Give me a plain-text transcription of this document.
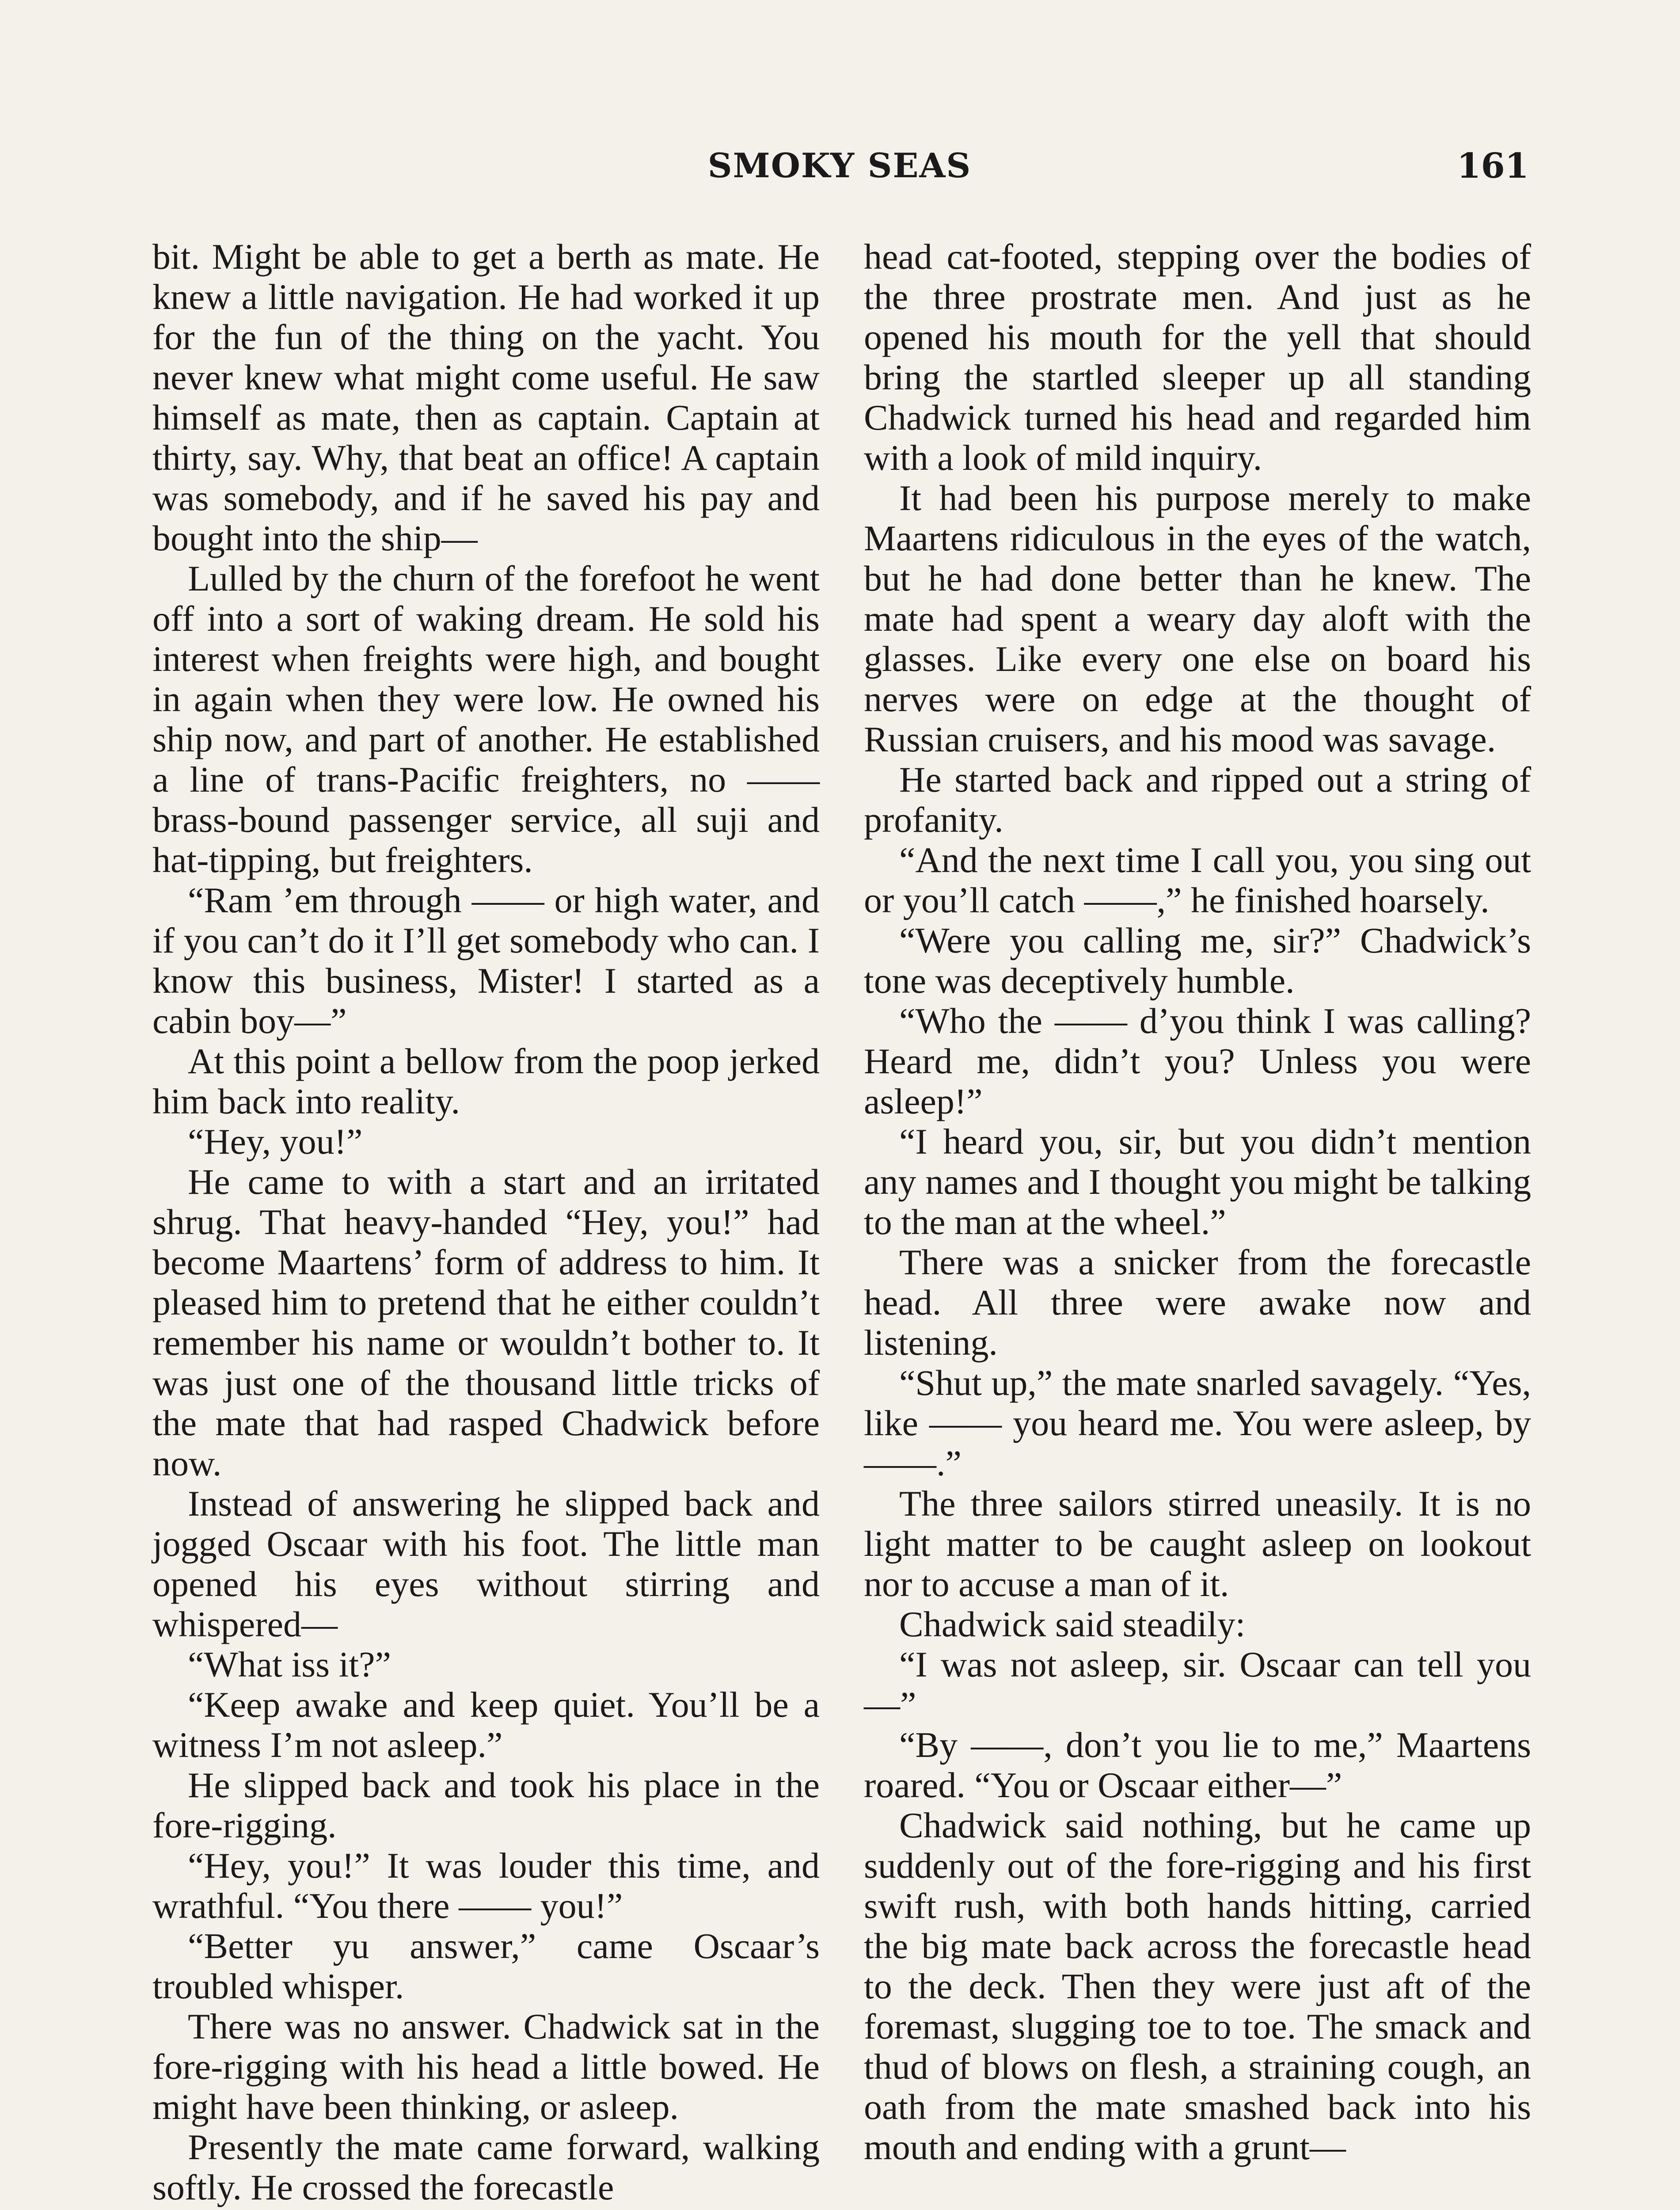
SMOKY SEAS	161

bit. Might be able to get a berth as mate. He knew a little navigation. He had worked it up for the fun of the thing on the yacht. You never knew what might come useful. He saw himself as mate, then as captain. Captain at thirty, say. Why, that beat an office! A captain was somebody, and if he saved his pay and bought into the ship—

Lulled by the churn of the forefoot he went off into a sort of waking dream. He sold his interest when freights were high, and bought in again when they were low. He owned his ship now, and part of another. He established a line of trans-Pacific freighters, no —— brass-bound passenger service, all suji and hat-tipping, but freighters.

“Ram ’em through —— or high water, and if you can’t do it I’ll get somebody who can. I know this business, Mister! I started as a cabin boy—”

At this point a bellow from the poop jerked him back into reality.

“Hey, you!”

He came to with a start and an irritated shrug. That heavy-handed “Hey, you!” had become Maartens’ form of address to him. It pleased him to pretend that he either couldn’t remember his name or wouldn’t bother to. It was just one of the thousand little tricks of the mate that had rasped Chadwick before now.

Instead of answering he slipped back and jogged Oscaar with his foot. The little man opened his eyes without stirring and whispered—

“What iss it?”

“Keep awake and keep quiet. You’ll be a witness I’m not asleep.”

He slipped back and took his place in the fore-rigging.

“Hey, you!” It was louder this time, and wrathful. “You there —— you!”

“Better yu answer,” came Oscaar’s troubled whisper.

There was no answer. Chadwick sat in the fore-rigging with his head a little bowed. He might have been thinking, or asleep.

Presently the mate came forward, walking softly. He crossed the forecastle

head cat-footed, stepping over the bodies of the three prostrate men. And just as he opened his mouth for the yell that should bring the startled sleeper up all standing Chadwick turned his head and regarded him with a look of mild inquiry.

It had been his purpose merely to make Maartens ridiculous in the eyes of the watch, but he had done better than he knew. The mate had spent a weary day aloft with the glasses. Like every one else on board his nerves were on edge at the thought of Russian cruisers, and his mood was savage.

He started back and ripped out a string of profanity.

“And the next time I call you, you sing out or you’ll catch ——,” he finished hoarsely.

“Were you calling me, sir?” Chadwick’s tone was deceptively humble.

“Who the —— d’you think I was calling? Heard me, didn’t you? Unless you were asleep!”

“I heard you, sir, but you didn’t mention any names and I thought you might be talking to the man at the wheel.”

There was a snicker from the forecastle head. All three were awake now and listening.

“Shut up,” the mate snarled savagely. “Yes, like —— you heard me. You were asleep, by ——.”

The three sailors stirred uneasily. It is no light matter to be caught asleep on lookout nor to accuse a man of it.

Chadwick said steadily:

“I was not asleep, sir. Oscaar can tell you—”

“By ——, don’t you lie to me,” Maartens roared. “You or Oscaar either—”

Chadwick said nothing, but he came up suddenly out of the fore-rigging and his first swift rush, with both hands hitting, carried the big mate back across the forecastle head to the deck. Then they were just aft of the foremast, slugging toe to toe. The smack and thud of blows on flesh, a straining cough, an oath from the mate smashed back into his mouth and ending with a grunt—
